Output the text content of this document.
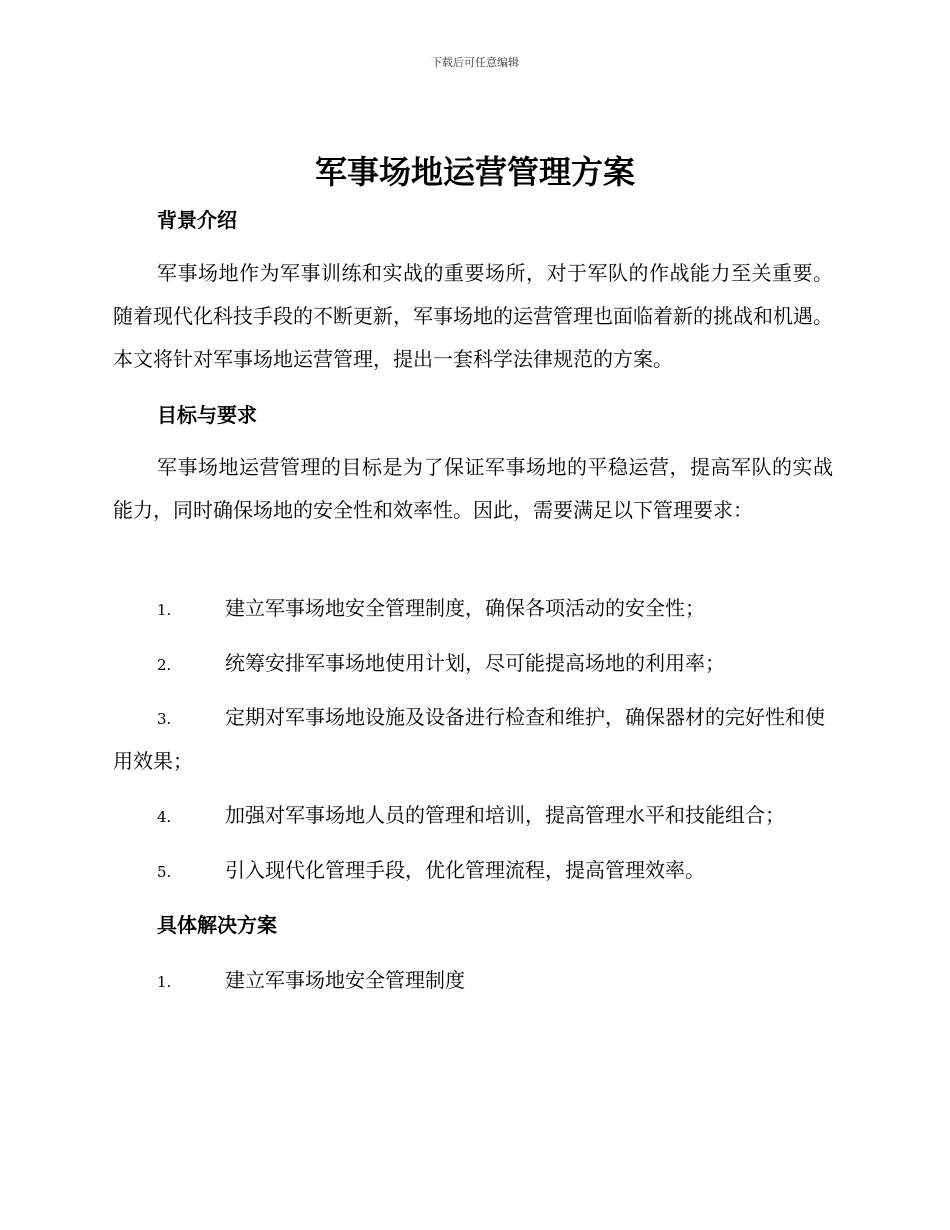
下载后可任意编辑
军事场地运营管理方案
背景介绍

军事场地作为军事训练和实战的重要场所，对于军队的作战能力至关重要。随着现代化科技手段的不断更新，军事场地的运营管理也面临着新的挑战和机遇。本文将针对军事场地运营管理，提出一套科学法律规范的方案。

目标与要求

军事场地运营管理的目标是为了保证军事场地的平稳运营，提高军队的实战能力，同时确保场地的安全性和效率性。因此，需要满足以下管理要求：

1.	建立军事场地安全管理制度，确保各项活动的安全性；
2.	统筹安排军事场地使用计划，尽可能提高场地的利用率；
3.	定期对军事场地设施及设备进行检查和维护，确保器材的完好性和使用效果；
4.	加强对军事场地人员的管理和培训，提高管理水平和技能组合；
5.	引入现代化管理手段，优化管理流程，提高管理效率。
具体解决方案
1.	建立军事场地安全管理制度
